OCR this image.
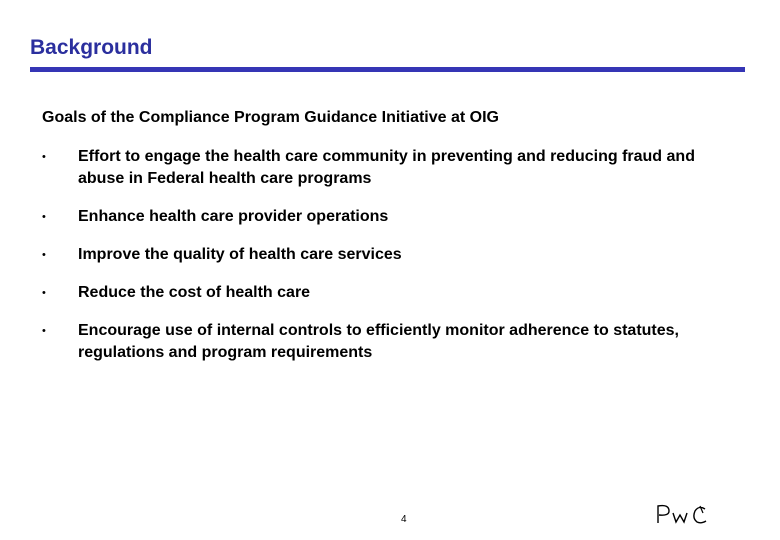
Background
Goals of the Compliance Program Guidance Initiative at OIG
• Effort to engage the health care community in preventing and reducing fraud and abuse in Federal health care programs
• Enhance health care provider operations
• Improve the quality of health care services
• Reduce the cost of health care
• Encourage use of internal controls to efficiently monitor adherence to statutes, regulations and program requirements
4
